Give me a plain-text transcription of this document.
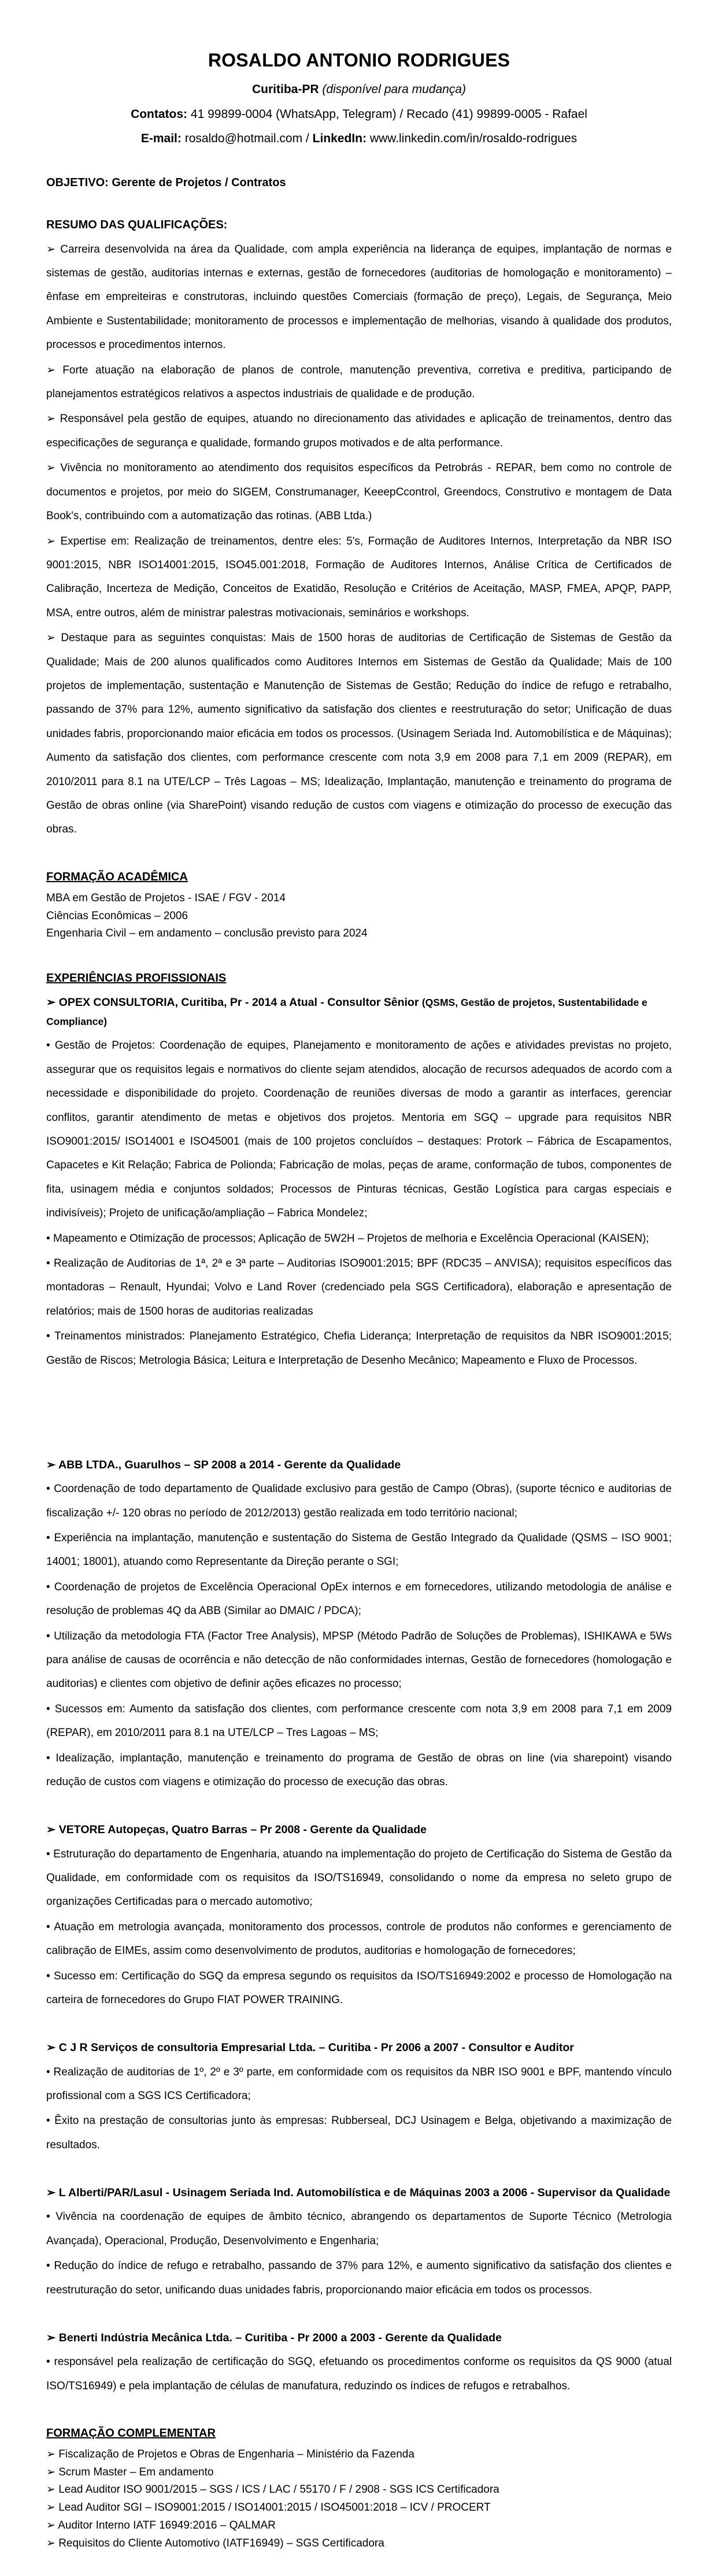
ROSALDO ANTONIO RODRIGUES

Curitiba-PR (disponível para mudança)

Contatos: 41 99899-0004 (WhatsApp, Telegram) / Recado (41) 99899-0005 - Rafael

E-mail: rosaldo@hotmail.com / LinkedIn: www.linkedin.com/in/rosaldo-rodrigues

OBJETIVO: Gerente de Projetos / Contratos

RESUMO DAS QUALIFICAÇÕES:

➢ Carreira desenvolvida na área da Qualidade, com ampla experiência na liderança de equipes, implantação de normas e sistemas de gestão, auditorias internas e externas, gestão de fornecedores (auditorias de homologação e monitoramento) – ênfase em empreiteiras e construtoras, incluindo questões Comerciais (formação de preço), Legais, de Segurança, Meio Ambiente e Sustentabilidade; monitoramento de processos e implementação de melhorias, visando à qualidade dos produtos, processos e procedimentos internos.

➢ Forte atuação na elaboração de planos de controle, manutenção preventiva, corretiva e preditiva, participando de planejamentos estratégicos relativos a aspectos industriais de qualidade e de produção.

➢ Responsável pela gestão de equipes, atuando no direcionamento das atividades e aplicação de treinamentos, dentro das especificações de segurança e qualidade, formando grupos motivados e de alta performance.

➢ Vivência no monitoramento ao atendimento dos requisitos específicos da Petrobrás - REPAR, bem como no controle de documentos e projetos, por meio do SIGEM, Construmanager, KeeepCcontrol, Greendocs, Construtivo e montagem de Data Book's, contribuindo com a automatização das rotinas. (ABB Ltda.)

➢ Expertise em: Realização de treinamentos, dentre eles: 5's, Formação de Auditores Internos, Interpretação da NBR ISO 9001:2015, NBR ISO14001:2015, ISO45.001:2018, Formação de Auditores Internos, Análise Crítica de Certificados de Calibração, Incerteza de Medição, Conceitos de Exatidão, Resolução e Critérios de Aceitação, MASP, FMEA, APQP, PAPP, MSA, entre outros, além de ministrar palestras motivacionais, seminários e workshops.

➢ Destaque para as seguintes conquistas: Mais de 1500 horas de auditorias de Certificação de Sistemas de Gestão da Qualidade; Mais de 200 alunos qualificados como Auditores Internos em Sistemas de Gestão da Qualidade; Mais de 100 projetos de implementação, sustentação e Manutenção de Sistemas de Gestão; Redução do índice de refugo e retrabalho, passando de 37% para 12%, aumento significativo da satisfação dos clientes e reestruturação do setor; Unificação de duas unidades fabris, proporcionando maior eficácia em todos os processos. (Usinagem Seriada Ind. Automobilística e de Máquinas); Aumento da satisfação dos clientes, com performance crescente com nota 3,9 em 2008 para 7,1 em 2009 (REPAR), em 2010/2011 para 8.1 na UTE/LCP – Três Lagoas – MS; Idealização, Implantação, manutenção e treinamento do programa de Gestão de obras online (via SharePoint) visando redução de custos com viagens e otimização do processo de execução das obras.

FORMAÇÃO ACADÊMICA

MBA em Gestão de Projetos - ISAE / FGV - 2014

Ciências Econômicas – 2006

Engenharia Civil – em andamento – conclusão previsto para 2024

EXPERIÊNCIAS PROFISSIONAIS

➢ OPEX CONSULTORIA, Curitiba, Pr - 2014 a Atual - Consultor Sênior (QSMS, Gestão de projetos, Sustentabilidade e Compliance)

• Gestão de Projetos: Coordenação de equipes, Planejamento e monitoramento de ações e atividades previstas no projeto, assegurar que os requisitos legais e normativos do cliente sejam atendidos, alocação de recursos adequados de acordo com a necessidade e disponibilidade do projeto. Coordenação de reuniões diversas de modo a garantir as interfaces, gerenciar conflitos, garantir atendimento de metas e objetivos dos projetos. Mentoria em SGQ – upgrade para requisitos NBR ISO9001:2015/ ISO14001 e ISO45001 (mais de 100 projetos concluídos – destaques: Protork – Fábrica de Escapamentos, Capacetes e Kit Relação; Fabrica de Polionda; Fabricação de molas, peças de arame, conformação de tubos, componentes de fita, usinagem média e conjuntos soldados; Processos de Pinturas técnicas, Gestão Logística para cargas especiais e indivisíveis); Projeto de unificação/ampliação – Fabrica Mondelez;

• Mapeamento e Otimização de processos; Aplicação de 5W2H – Projetos de melhoria e Excelência Operacional (KAISEN);

• Realização de Auditorias de 1ª, 2ª e 3ª parte – Auditorias ISO9001:2015; BPF (RDC35 – ANVISA); requisitos específicos das montadoras – Renault, Hyundai; Volvo e Land Rover (credenciado pela SGS Certificadora), elaboração e apresentação de relatórios; mais de 1500 horas de auditorias realizadas

• Treinamentos ministrados: Planejamento Estratégico, Chefia Liderança; Interpretação de requisitos da NBR ISO9001:2015; Gestão de Riscos; Metrologia Básica; Leitura e Interpretação de Desenho Mecânico; Mapeamento e Fluxo de Processos.

➢ ABB LTDA., Guarulhos – SP 2008 a 2014 - Gerente da Qualidade

• Coordenação de todo departamento de Qualidade exclusivo para gestão de Campo (Obras), (suporte técnico e auditorias de fiscalização +/- 120 obras no período de 2012/2013) gestão realizada em todo território nacional;

• Experiência na implantação, manutenção e sustentação do Sistema de Gestão Integrado da Qualidade (QSMS – ISO 9001; 14001; 18001), atuando como Representante da Direção perante o SGI;

• Coordenação de projetos de Excelência Operacional OpEx internos e em fornecedores, utilizando metodologia de análise e resolução de problemas 4Q da ABB (Similar ao DMAIC / PDCA);

• Utilização da metodologia FTA (Factor Tree Analysis), MPSP (Método Padrão de Soluções de Problemas), ISHIKAWA e 5Ws para análise de causas de ocorrência e não detecção de não conformidades internas, Gestão de fornecedores (homologação e auditorias) e clientes com objetivo de definir ações eficazes no processo;

• Sucessos em: Aumento da satisfação dos clientes, com performance crescente com nota 3,9 em 2008 para 7,1 em 2009 (REPAR), em 2010/2011 para 8.1 na UTE/LCP – Tres Lagoas – MS;

• Idealização, implantação, manutenção e treinamento do programa de Gestão de obras on line (via sharepoint) visando redução de custos com viagens e otimização do processo de execução das obras.

➢ VETORE Autopeças, Quatro Barras – Pr 2008 - Gerente da Qualidade

• Estruturação do departamento de Engenharia, atuando na implementação do projeto de Certificação do Sistema de Gestão da Qualidade, em conformidade com os requisitos da ISO/TS16949, consolidando o nome da empresa no seleto grupo de organizações Certificadas para o mercado automotivo;

• Atuação em metrologia avançada, monitoramento dos processos, controle de produtos não conformes e gerenciamento de calibração de EIMEs, assim como desenvolvimento de produtos, auditorias e homologação de fornecedores;

• Sucesso em: Certificação do SGQ da empresa segundo os requisitos da ISO/TS16949:2002 e processo de Homologação na carteira de fornecedores do Grupo FIAT POWER TRAINING.

➢ C J R Serviços de consultoria Empresarial Ltda. – Curitiba - Pr 2006 a 2007 - Consultor e Auditor

• Realização de auditorias de 1º, 2º e 3º parte, em conformidade com os requisitos da NBR ISO 9001 e BPF, mantendo vínculo profissional com a SGS ICS Certificadora;

• Êxito na prestação de consultorias junto às empresas: Rubberseal, DCJ Usinagem e Belga, objetivando a maximização de resultados.

➢ L Alberti/PAR/Lasul - Usinagem Seriada Ind. Automobilística e de Máquinas 2003 a 2006 - Supervisor da Qualidade

• Vivência na coordenação de equipes de âmbito técnico, abrangendo os departamentos de Suporte Técnico (Metrologia Avançada), Operacional, Produção, Desenvolvimento e Engenharia;

• Redução do índice de refugo e retrabalho, passando de 37% para 12%, e aumento significativo da satisfação dos clientes e reestruturação do setor, unificando duas unidades fabris, proporcionando maior eficácia em todos os processos.

➢ Benerti Indústria Mecânica Ltda. – Curitiba - Pr 2000 a 2003 - Gerente da Qualidade

• responsável pela realização de certificação do SGQ, efetuando os procedimentos conforme os requisitos da QS 9000 (atual ISO/TS16949) e pela implantação de células de manufatura, reduzindo os índices de refugos e retrabalhos.

FORMAÇÃO COMPLEMENTAR

➢ Fiscalização de Projetos e Obras de Engenharia – Ministério da Fazenda

➢ Scrum Master – Em andamento

➢ Lead Auditor ISO 9001/2015 – SGS / ICS / LAC / 55170 / F / 2908 - SGS ICS Certificadora

➢ Lead Auditor SGI – ISO9001:2015 / ISO14001:2015 / ISO45001:2018 – ICV / PROCERT

➢ Auditor Interno IATF 16949:2016 – QALMAR

➢ Requisitos do Cliente Automotivo (IATF16949) – SGS Certificadora
